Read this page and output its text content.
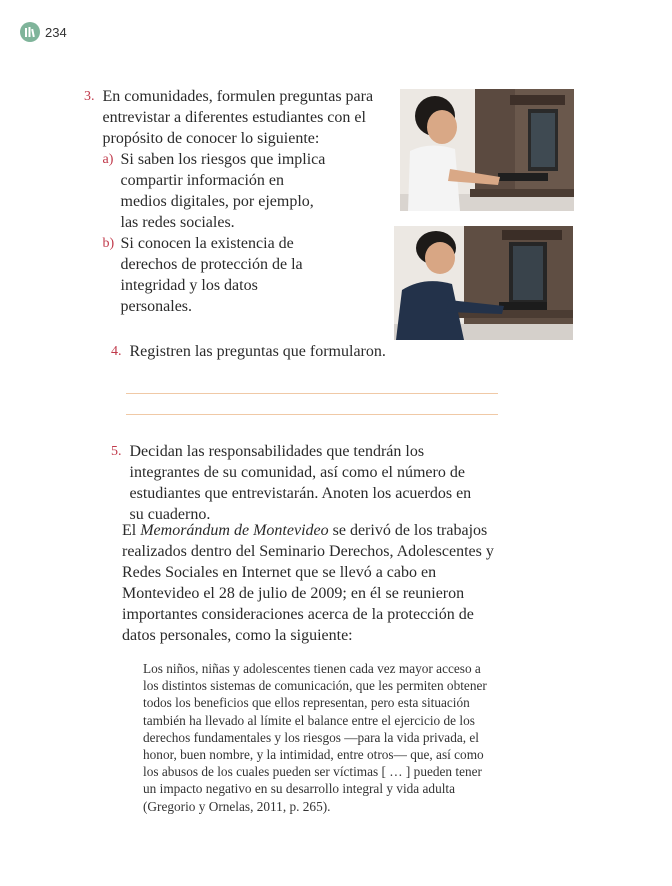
234
3. En comunidades, formulen preguntas para entrevistar a diferentes estudiantes con el propósito de conocer lo siguiente:
a) Si saben los riesgos que implica compartir información en medios digitales, por ejemplo, las redes sociales.
b) Si conocen la existencia de derechos de protección de la integridad y los datos personales.
4. Registren las preguntas que formularon.
5. Decidan las responsabilidades que tendrán los integrantes de su comunidad, así como el número de estudiantes que entrevistarán. Anoten los acuerdos en su cuaderno.
El Memorándum de Montevideo se derivó de los trabajos realizados dentro del Seminario Derechos, Adolescentes y Redes Sociales en Internet que se llevó a cabo en Montevideo el 28 de julio de 2009; en él se reunieron importantes consideraciones acerca de la protección de datos personales, como la siguiente:
Los niños, niñas y adolescentes tienen cada vez mayor acceso a los distintos sistemas de comunicación, que les permiten obtener todos los beneficios que ellos representan, pero esta situación también ha llevado al límite el balance entre el ejercicio de los derechos fundamentales y los riesgos —para la vida privada, el honor, buen nombre, y la intimidad, entre otros— que, así como los abusos de los cuales pueden ser víctimas [ … ] pueden tener un impacto negativo en su desarrollo integral y vida adulta (Gregorio y Ornelas, 2011, p. 265).
